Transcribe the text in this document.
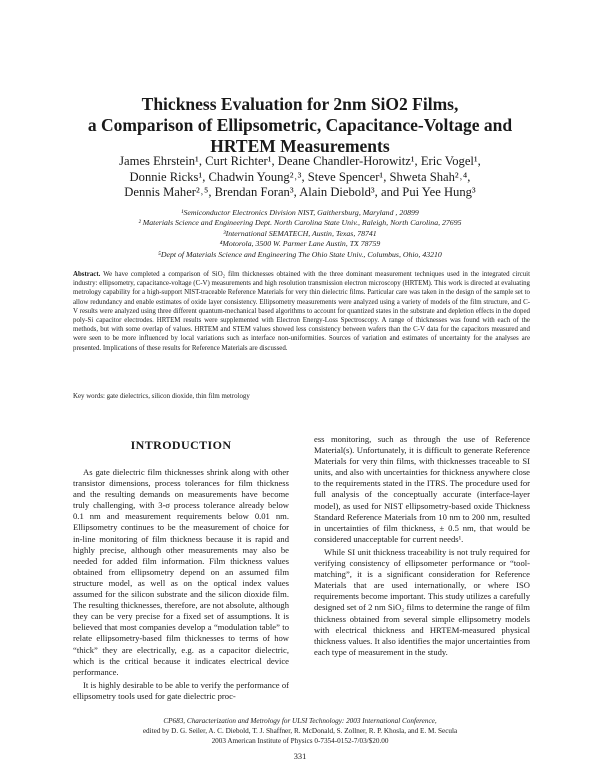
Thickness Evaluation for 2nm SiO2 Films,
a Comparison of Ellipsometric, Capacitance-Voltage and
HRTEM Measurements
James Ehrstein¹, Curt Richter¹, Deane Chandler-Horowitz¹, Eric Vogel¹,
Donnie Ricks¹, Chadwin Young²˒³, Steve Spencer¹, Shweta Shah²˒⁴,
Dennis Maher²˒⁵, Brendan Foran³, Alain Diebold³, and Pui Yee Hung³
¹Semiconductor Electronics Division NIST, Gaithersburg, Maryland , 20899
² Materials Science and Engineering Dept. North Carolina State Univ., Raleigh, North Carolina, 27695
³International SEMATECH, Austin, Texas, 78741
⁴Motorola, 3500 W. Parmer Lane Austin, TX 78759
⁵Dept of Materials Science and Engineering The Ohio State Univ., Columbus, Ohio, 43210

Abstract. We have completed a comparison of SiO₂ film thicknesses obtained with the three dominant measurement techniques used in the integrated circuit industry: ellipsometry, capacitance-voltage (C-V) measurements and high resolution transmission electron microscopy (HRTEM). This work is directed at evaluating metrology capability for a high-support NIST-traceable Reference Materials for very thin dielectric films. Particular care was taken in the design of the sample set to allow redundancy and enable estimates of oxide layer consistency. Ellipsometry measurements were analyzed using a variety of models of the film structure, and C-V results were analyzed using three different quantum-mechanical based algorithms to account for quantized states in the substrate and depletion effects in the doped poly-Si capacitor electrodes. HRTEM results were supplemented with Electron Energy-Loss Spectroscopy. A range of thicknesses was found with each of the methods, but with some overlap of values. HRTEM and STEM values showed less consistency between wafers than the C-V data for the capacitors measured and were seen to be more influenced by local variations such as interface non-uniformities. Sources of variation and estimates of uncertainty for the analyses are presented. Implications of these results for Reference Materials are discussed.

Key words: gate dielectrics, silicon dioxide, thin film metrology

INTRODUCTION

As gate dielectric film thicknesses shrink along with other transistor dimensions, process tolerances for film thickness and the resulting demands on measurements have become truly challenging, with 3-σ process tolerance already below 0.1 nm and measurement requirements below 0.01 nm. Ellipsometry continues to be the measurement of choice for in-line monitoring of film thickness because it is rapid and highly precise, although other measurements may also be needed for added film information. Film thickness values obtained from ellipsometry depend on an assumed film structure model, as well as on the optical index values assumed for the silicon substrate and the silicon dioxide film. The resulting thicknesses, therefore, are not absolute, although they can be very precise for a fixed set of assumptions. It is believed that most companies develop a “modulation table” to relate ellipsometry-based film thicknesses to terms of how “thick” they are electrically, e.g. as a capacitor dielectric, which is the critical because it indicates electrical device performance.

It is highly desirable to be able to verify the performance of ellipsometry tools used for gate dielectric proc-

ess monitoring, such as through the use of Reference Material(s). Unfortunately, it is difficult to generate Reference Materials for very thin films, with thicknesses traceable to SI units, and also with uncertainties for thickness anywhere close to the requirements stated in the ITRS. The procedure used for full analysis of the conceptually accurate (interface-layer model), as used for NIST ellipsometry-based oxide Thickness Standard Reference Materials from 10 nm to 200 nm, resulted in uncertainties of film thickness, ± 0.5 nm, that would be considered unacceptable for current needs¹.

While SI unit thickness traceability is not truly required for verifying consistency of ellipsometer performance or “tool-matching”, it is a significant consideration for Reference Materials that are used internationally, or where ISO requirements become important. This study utilizes a carefully designed set of 2 nm SiO₂ films to determine the range of film thickness obtained from several simple ellipsometry models with electrical thickness and HRTEM-measured physical thickness values. It also identifies the major uncertainties from each type of measurement in the study.

CP683, Characterization and Metrology for ULSI Technology: 2003 International Conference,
edited by D. G. Seiler, A. C. Diebold, T. J. Shaffner, R. McDonald, S. Zollner, R. P. Khosla, and E. M. Secula
2003 American Institute of Physics 0-7354-0152-7/03/$20.00
331
